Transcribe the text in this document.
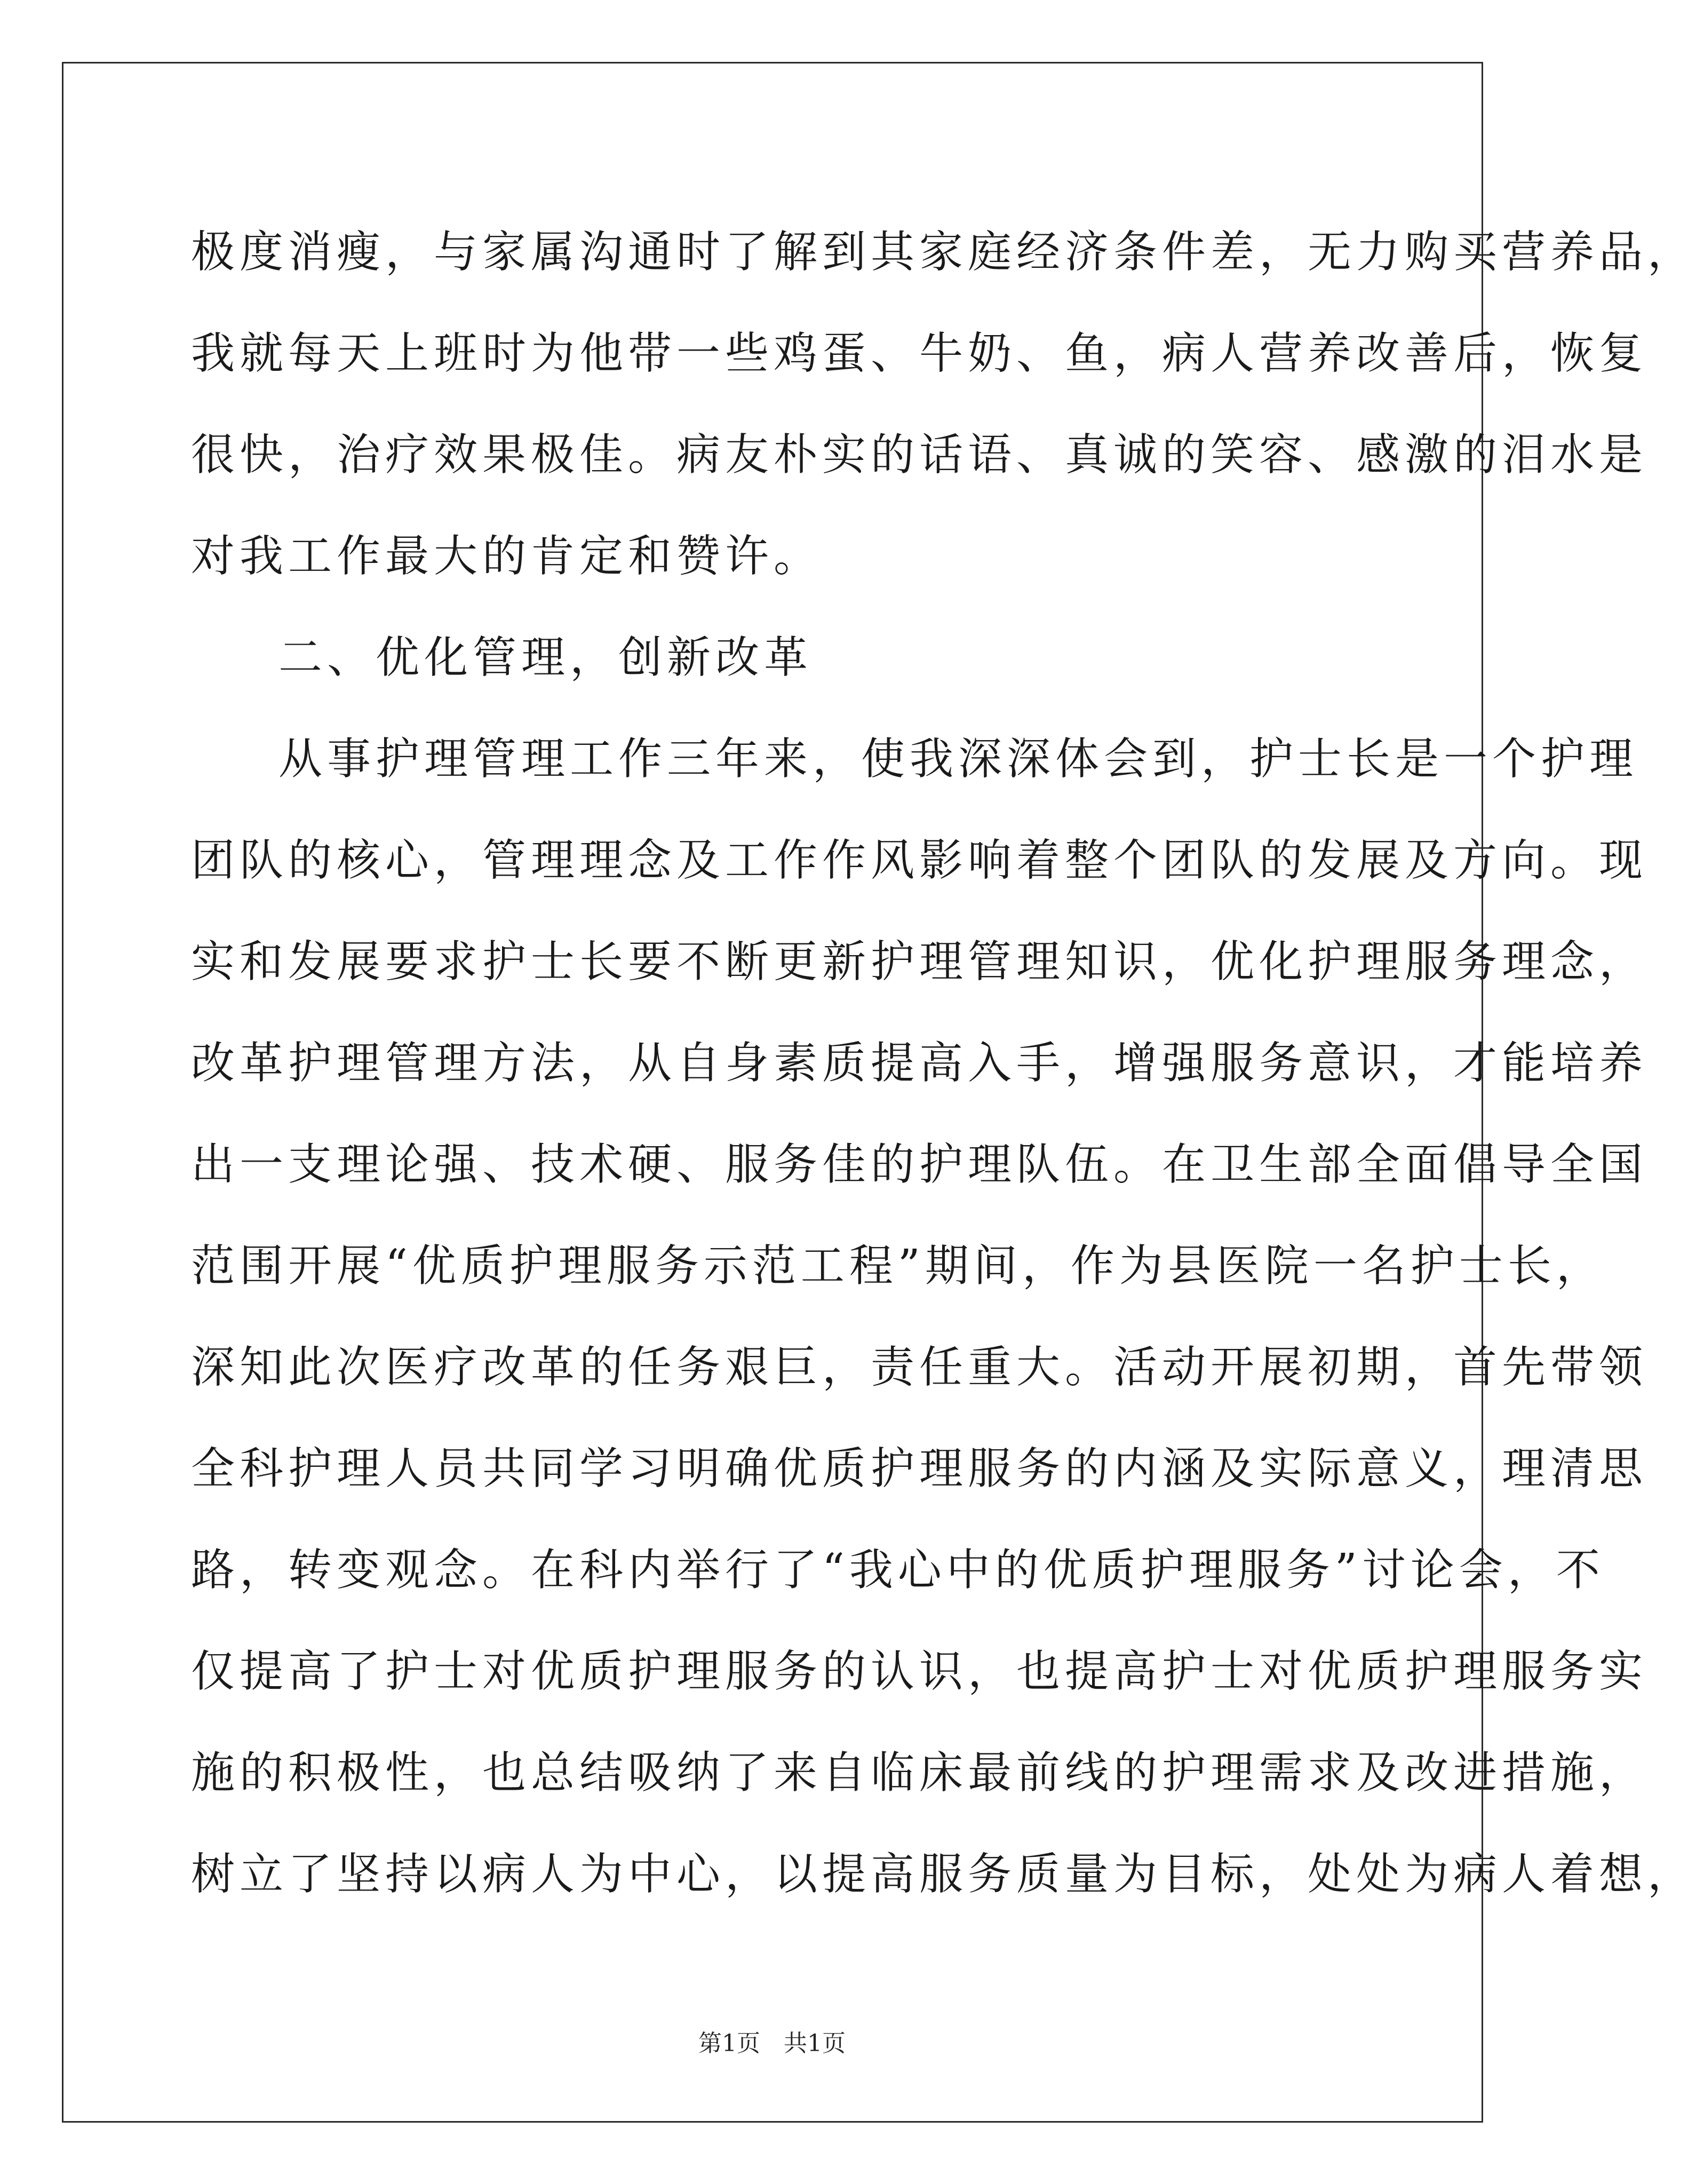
极度消瘦，与家属沟通时了解到其家庭经济条件差，无力购买营养品，
我就每天上班时为他带一些鸡蛋、牛奶、鱼，病人营养改善后，恢复
很快，治疗效果极佳。病友朴实的话语、真诚的笑容、感激的泪水是
对我工作最大的肯定和赞许。
二、优化管理，创新改革
从事护理管理工作三年来，使我深深体会到，护士长是一个护理
团队的核心，管理理念及工作作风影响着整个团队的发展及方向。现
实和发展要求护士长要不断更新护理管理知识，优化护理服务理念，
改革护理管理方法，从自身素质提高入手，增强服务意识，才能培养
出一支理论强、技术硬、服务佳的护理队伍。在卫生部全面倡导全国
范围开展“优质护理服务示范工程”期间，作为县医院一名护士长，
深知此次医疗改革的任务艰巨，责任重大。活动开展初期，首先带领
全科护理人员共同学习明确优质护理服务的内涵及实际意义，理清思
路，转变观念。在科内举行了“我心中的优质护理服务”讨论会，不
仅提高了护士对优质护理服务的认识，也提高护士对优质护理服务实
施的积极性，也总结吸纳了来自临床最前线的护理需求及改进措施，
树立了坚持以病人为中心，以提高服务质量为目标，处处为病人着想，
第1页　共1页
